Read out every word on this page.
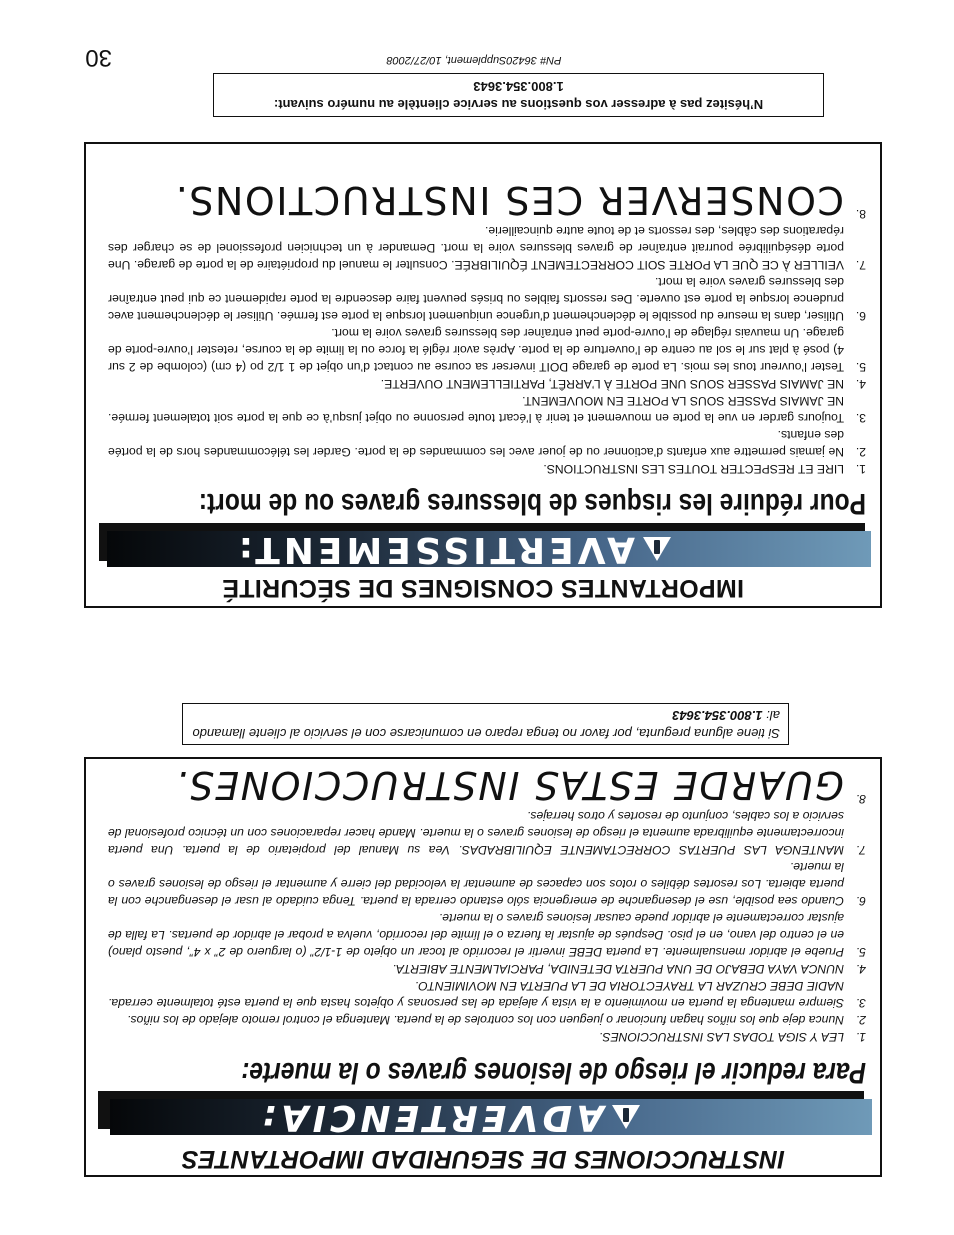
INSTRUCCIONES DE SEGURIDAD IMPORTANTES
ADVERTENCIA:
Para reducir el riesgo de lesiones graves o la muerte:
1.
LEA Y SIGA TODAS LAS INSTRUCCIONES.
2.
Nunca deje que los niños hagan funcionar o jueguen con los controles de la puerta. Mantenga el control remoto alejado de los niños.
3.
Siempre mantenga la puerta en movimiento a la vista y alejada de las personas y objetos hasta que la puerta esté totalmente cerrada. NADIE DEBE CRUZAR LA TRAYECTORIA DE LA PUERTA EN MOVIMIENTO.
4.
NUNCA VAYA DEBAJO DE UNA PUERTA DETENIDA, PARCIALMENTE ABIERTA.
5.
Pruebe el abridor mensualmente. La puerta DEBE invertir el recorrido al tocar un objeto de 1-1/2” (o larguero de 2” x 4”, puesto plano) en el centro del vano, en el piso. Después de ajustar la fuerza o el límite del recorrido, vuelva a probar el abridor de puertas. La falla de ajustar correctamente el abridor puede causar lesiones graves o la muerte.
6.
Cuando sea posible, use el desenganche de emergencia sólo estando cerrada la puerta. Tenga cuidado al usar el desenganche con la puerta abierta. Los resortes débiles o rotos son capaces de aumentar la velocidad del cierre y aumentar el riesgo de lesiones graves o la muerte.
7.
MANTENGA LAS PUERTAS CORRECTAMENTE EQUILIBRADAS. Vea su Manual del propietario de la puerta. Una puerta incorrectamente equilibrada aumenta el riesgo de lesiones graves o la muerte. Mande hacer reparaciones con un técnico profesional de servicio a los cables, conjunto de resortes y otros herrajes.
8.
GUARDE ESTAS INSTRUCCIONES.
Si tiene alguna pregunta, por favor no tenga reparo en comunicarse con el servicio al cliente llamando al: 1.800.354.3643
IMPORTANTES CONSIGNES DE SÉCURITÉ
AVERTISSEMENT:
Pour réduire les risques de blessures graves ou de mort:
1.
LIRE ET RESPECTER TOUTES LES INSTRUCTIONS.
2.
Ne jamais permettre aux enfants d’actionner ou de jouer avec les commandes de la porte. Garder les télécommandes hors de la portée des enfants.
3.
Toujours garder en vue la porte en mouvement et tenir à l’écart toute personne ou objet jusqu’à ce que la porte soit totalement fermée. NE JAMAIS PASSER SOUS LA PORTE EN MOUVEMENT.
4.
NE JAMAIS PASSER SOUS UNE PORTE À L’ARRÊT, PARTIELLEMENT OUVERTE.
5.
Tester l’ouvreur tous les mois. La porte de garage DOIT inverser sa course au contact d’un objet de 1 1/2 po (4 cm) (colombe de 2 sur 4) posé à plat sur le sol au centre de l’ouverture de la porte. Après avoir réglé la force ou la limite de la course, retester l’ouvre-porte de garage. Un mauvais réglage de l’ouvre-porte peut entraîner des blessures graves voire la mort.
6.
Utiliser, dans la mesure du possible le déclenchement d’urgence uniquement lorsque la porte est fermée. Utiliser le déclenchement avec prudence lorsque la porte est ouverte. Des ressorts faibles ou brisés peuvent faire descendre la porte rapidement ce qui peut entraîner des blessures graves voire la mort.
7.
VEILLER À CE QUE LA PORTE SOIT CORRECTEMENT ÉQUILIBRÉE. Consulter le manuel du propriétaire de la porte de garage. Une porte déséquilibrée pourrait entraîner de graves blessures voire la mort. Demander à un technicien professionel de se charger des réparations des câbles, des ressorts et de toute autre quincaillerie.
8.
CONSERVER CES INSTRUCTIONS.
N’hésitez pas à adresser vos questions au service clientèle au numéro suivant:
1.800.354.3643
PN# 36420Supplement, 10/27/2008
30
